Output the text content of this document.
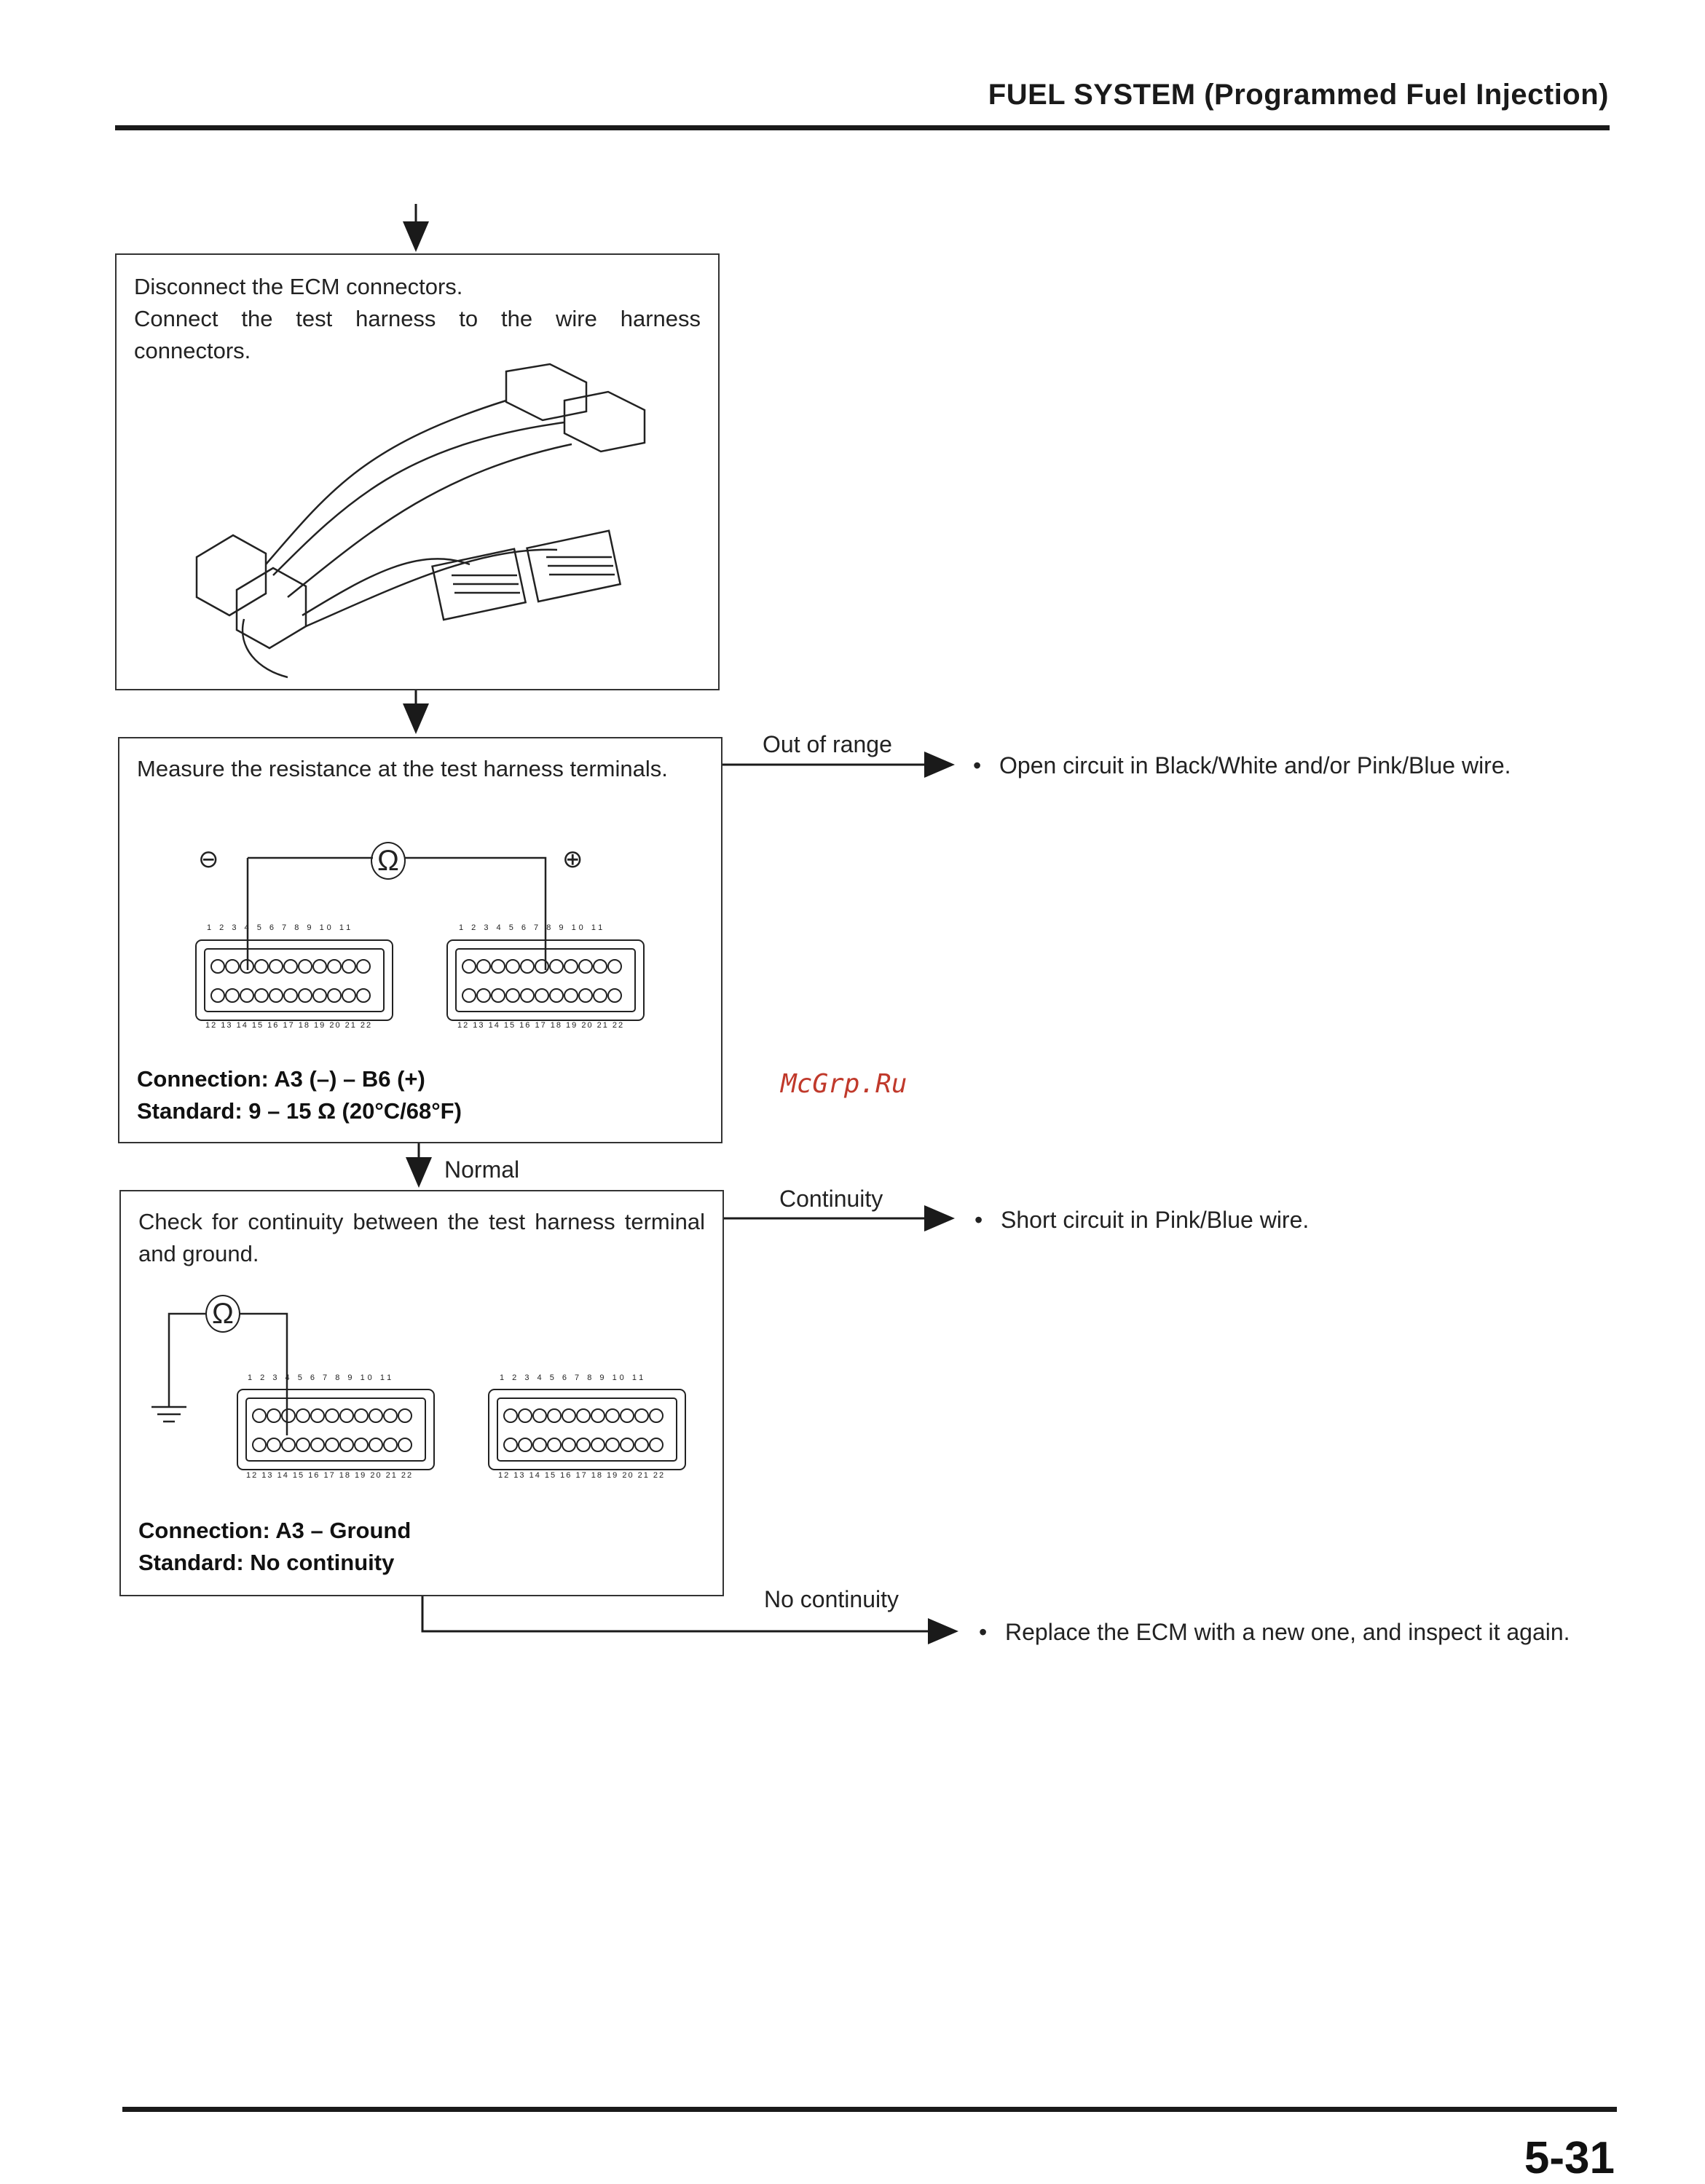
FUEL SYSTEM (Programmed Fuel Injection)
Disconnect the ECM connectors.
Connect the test harness to the wire harness connectors.
Measure the resistance at the test harness terminals.
⊖	⊕
Ω
1 2 3 4 5 6 7 8 9 10 11
12 13 14 15 16 17 18 19 20 21 22
1 2 3 4 5 6 7 8 9 10 11
12 13 14 15 16 17 18 19 20 21 22
Connection: A3 (–) – B6 (+)
Standard: 9 – 15 Ω (20°C/68°F)
Out of range
• Open circuit in Black/White and/or Pink/Blue wire.
Normal
Check for continuity between the test harness terminal and ground.
Ω
1 2 3 4 5 6 7 8 9 10 11
12 13 14 15 16 17 18 19 20 21 22
1 2 3 4 5 6 7 8 9 10 11
12 13 14 15 16 17 18 19 20 21 22
Connection: A3 – Ground
Standard: No continuity
Continuity
• Short circuit in Pink/Blue wire.
No continuity
• Replace the ECM with a new one, and inspect it again.
McGrp.Ru
5-31
